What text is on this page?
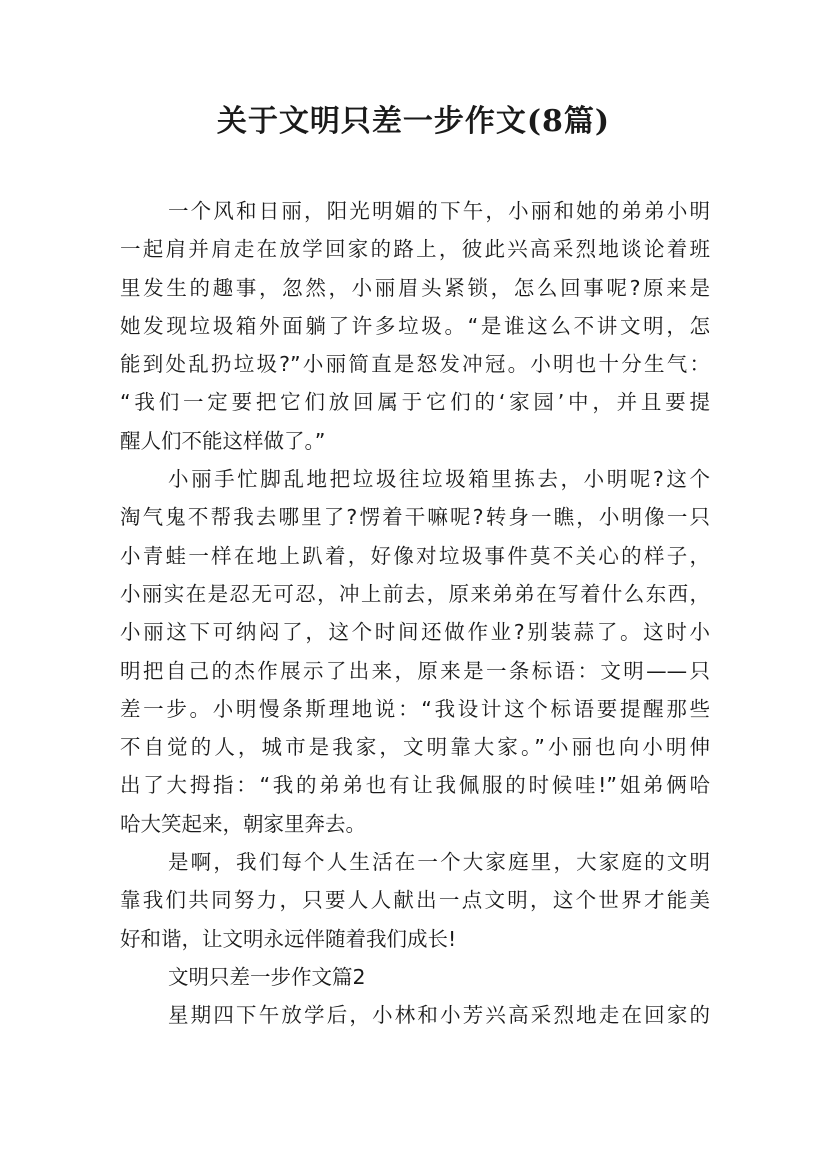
关于文明只差一步作文(8篇)
一个风和日丽，阳光明媚的下午，小丽和她的弟弟小明
一起肩并肩走在放学回家的路上，彼此兴高采烈地谈论着班
里发生的趣事，忽然，小丽眉头紧锁，怎么回事呢?原来是
她发现垃圾箱外面躺了许多垃圾。“是谁这么不讲文明，怎
能到处乱扔垃圾?”小丽简直是怒发冲冠。小明也十分生气：
“我们一定要把它们放回属于它们的‘家园’中，并且要提
醒人们不能这样做了。”
小丽手忙脚乱地把垃圾往垃圾箱里拣去，小明呢?这个
淘气鬼不帮我去哪里了?愣着干嘛呢?转身一瞧，小明像一只
小青蛙一样在地上趴着，好像对垃圾事件莫不关心的样子，
小丽实在是忍无可忍，冲上前去，原来弟弟在写着什么东西，
小丽这下可纳闷了，这个时间还做作业?别装蒜了。这时小
明把自己的杰作展示了出来，原来是一条标语：文明——只
差一步。小明慢条斯理地说：“我设计这个标语要提醒那些
不自觉的人，城市是我家，文明靠大家。”小丽也向小明伸
出了大拇指：“我的弟弟也有让我佩服的时候哇!”姐弟俩哈
哈大笑起来，朝家里奔去。
是啊，我们每个人生活在一个大家庭里，大家庭的文明
靠我们共同努力，只要人人献出一点文明，这个世界才能美
好和谐，让文明永远伴随着我们成长!
文明只差一步作文篇2
星期四下午放学后，小林和小芳兴高采烈地走在回家的
